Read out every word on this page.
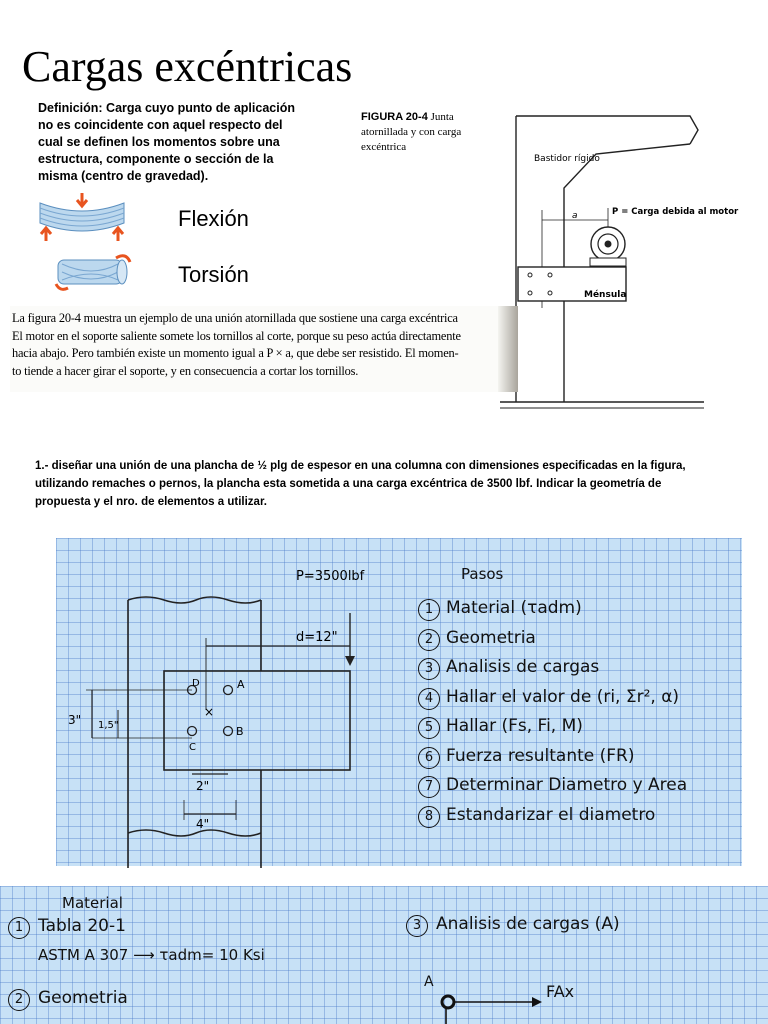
Cargas excéntricas
Definición: Carga cuyo punto de aplicación no es coincidente con aquel respecto del cual se definen los momentos sobre una estructura, componente o sección de la misma (centro de gravedad).
Flexión
Torsión
FIGURA 20-4 Junta atornillada y con carga excéntrica
Bastidor rígido
a	P = Carga debida al motor
Ménsula

La figura 20-4 muestra un ejemplo de una unión atornillada que sostiene una carga excéntrica

El motor en el soporte saliente somete los tornillos al corte, porque su peso actúa directamente

hacia abajo. Pero también existe un momento igual a P × a, que debe ser resistido. El momen-

to tiende a hacer girar el soporte, y en consecuencia a cortar los tornillos.

1.- diseñar una unión de una plancha de ½ plg de espesor en una columna con dimensiones especificadas en la figura, utilizando remaches o pernos, la plancha esta sometida a una carga excéntrica de 3500 lbf. Indicar la geometría de propuesta y el nro. de elementos a utilizar.
P=3500lbf
d=12"
D	A
C
B
×
3" 1,5"
2"
4"
Pasos
1 Material (τadm)
2 Geometria
3 Analisis de cargas
4 Hallar el valor de (ri, Σr², α)
5 Hallar (Fs, Fi, M)
6 Fuerza resultante (FR)
7 Determinar Diametro y Area
8 Estandarizar el diametro
Material
1 Tabla 20-1
ASTM A 307 ⟶ τadm= 10 Ksi
2 Geometria
3 Analisis de cargas (A)
A	FAx
